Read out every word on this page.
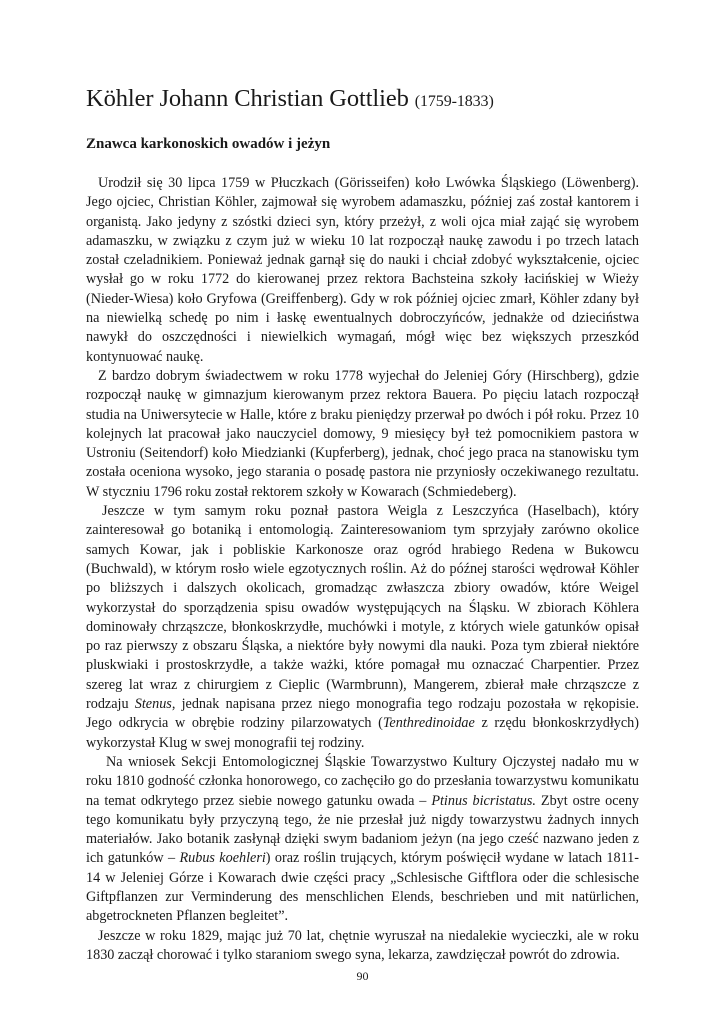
Köhler Johann Christian Gottlieb (1759-1833)
Znawca karkonoskich owadów i jeżyn

Urodził się 30 lipca 1759 w Płuczkach (Görisseifen) koło Lwówka Śląskiego (Löwenberg). Jego ojciec, Christian Köhler, zajmował się wyrobem adamaszku, później zaś został kantorem i organistą. Jako jedyny z szóstki dzieci syn, który przeżył, z woli ojca miał zająć się wyrobem adamaszku, w związku z czym już w wieku 10 lat rozpoczął naukę zawodu i po trzech latach został czeladnikiem. Ponieważ jednak garnął się do nauki i chciał zdobyć wykształcenie, ojciec wysłał go w roku 1772 do kierowanej przez rektora Bachsteina szkoły łacińskiej w Wieży (Nieder-Wiesa) koło Gryfowa (Greiffenberg). Gdy w rok później ojciec zmarł, Köhler zdany był na niewielką schedę po nim i łaskę ewentualnych dobroczyńców, jednakże od dzieciństwa nawykł do oszczędności i niewielkich wymagań, mógł więc bez większych przeszkód kontynuować naukę.

Z bardzo dobrym świadectwem w roku 1778 wyjechał do Jeleniej Góry (Hirschberg), gdzie rozpoczął naukę w gimnazjum kierowanym przez rektora Bauera. Po pięciu latach rozpoczął studia na Uniwersytecie w Halle, które z braku pieniędzy przerwał po dwóch i pół roku. Przez 10 kolejnych lat pracował jako nauczyciel domowy, 9 miesięcy był też pomocnikiem pastora w Ustroniu (Seitendorf) koło Miedzianki (Kupferberg), jednak, choć jego praca na stanowisku tym została oceniona wysoko, jego starania o posadę pastora nie przyniosły oczekiwanego rezultatu. W styczniu 1796 roku został rektorem szkoły w Kowarach (Schmiedeberg).

Jeszcze w tym samym roku poznał pastora Weigla z Leszczyńca (Haselbach), który zainteresował go botaniką i entomologią. Zainteresowaniom tym sprzyjały zarówno okolice samych Kowar, jak i pobliskie Karkonosze oraz ogród hrabiego Redena w Bukowcu (Buchwald), w którym rosło wiele egzotycznych roślin. Aż do późnej starości wędrował Köhler po bliższych i dalszych okolicach, gromadząc zwłaszcza zbiory owadów, które Weigel wykorzystał do sporządzenia spisu owadów występujących na Śląsku. W zbiorach Köhlera dominowały chrząszcze, błonkoskrzydłe, muchówki i motyle, z których wiele gatunków opisał po raz pierwszy z obszaru Śląska, a niektóre były nowymi dla nauki. Poza tym zbierał niektóre pluskwiaki i prostoskrzydłe, a także ważki, które pomagał mu oznaczać Charpentier. Przez szereg lat wraz z chirurgiem z Cieplic (Warmbrunn), Mangerem, zbierał małe chrząszcze z rodzaju Stenus, jednak napisana przez niego monografia tego rodzaju pozostała w rękopisie. Jego odkrycia w obrębie rodziny pilarzowatych (Tenthredinoidae z rzędu błonkoskrzydłych) wykorzystał Klug w swej monografii tej rodziny.

Na wniosek Sekcji Entomologicznej Śląskie Towarzystwo Kultury Ojczystej nadało mu w roku 1810 godność członka honorowego, co zachęciło go do przesłania towarzystwu komunikatu na temat odkrytego przez siebie nowego gatunku owada – Ptinus bicristatus. Zbyt ostre oceny tego komunikatu były przyczyną tego, że nie przesłał już nigdy towarzystwu żadnych innych materiałów. Jako botanik zasłynął dzięki swym badaniom jeżyn (na jego cześć nazwano jeden z ich gatunków – Rubus koehleri) oraz roślin trujących, którym poświęcił wydane w latach 1811-14 w Jeleniej Górze i Kowarach dwie części pracy „Schlesische Giftflora oder die schlesische Giftpflanzen zur Verminderung des menschlichen Elends, beschrieben und mit natürlichen, abgetrockneten Pflanzen begleitet”.

Jeszcze w roku 1829, mając już 70 lat, chętnie wyruszał na niedalekie wycieczki, ale w roku 1830 zaczął chorować i tylko staraniom swego syna, lekarza, zawdzięczał powrót do zdrowia.

90
